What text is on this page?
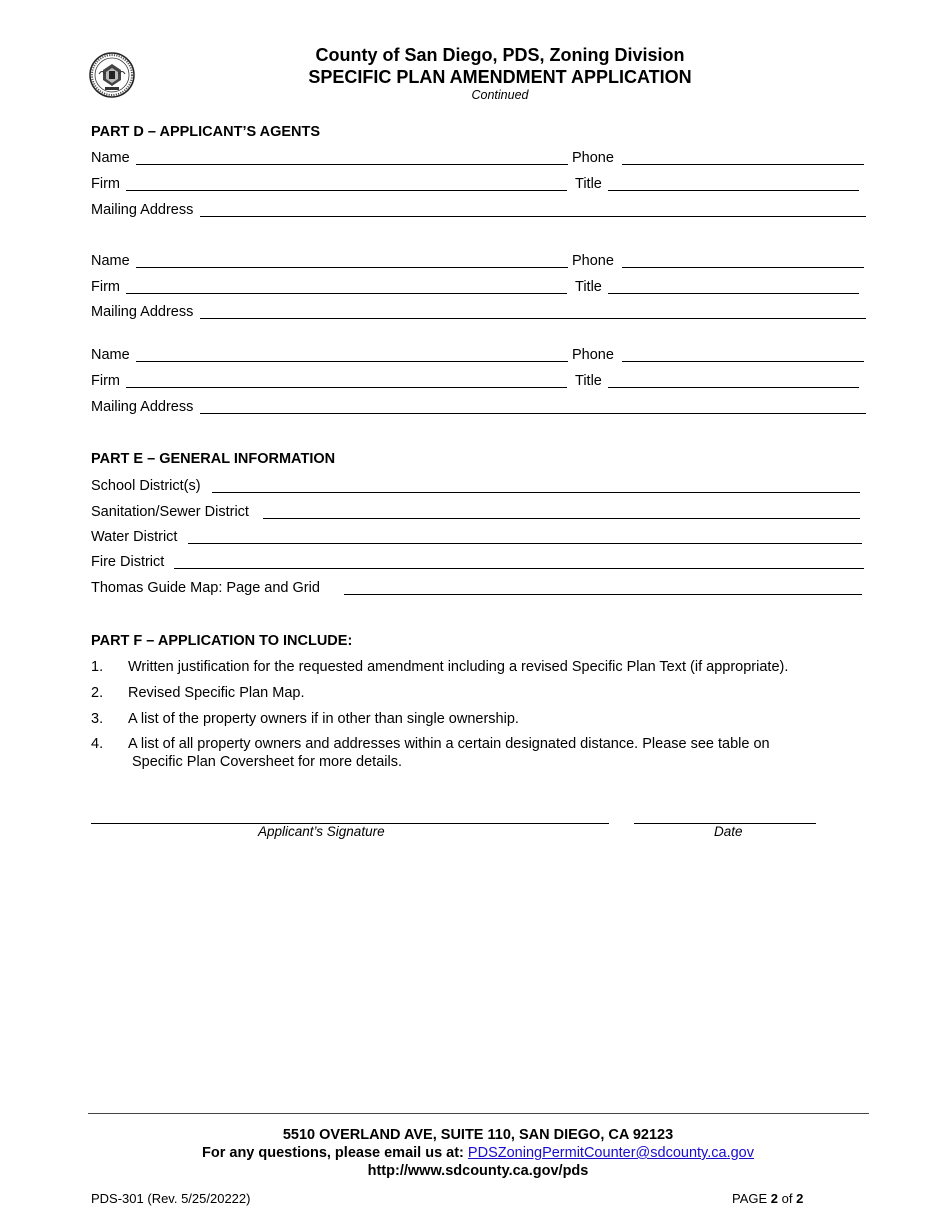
County of San Diego, PDS, Zoning Division
SPECIFIC PLAN AMENDMENT APPLICATION
Continued
PART D – APPLICANT’S AGENTS
Name	Phone
Firm	Title
Mailing Address
Name	Phone
Firm	Title
Mailing Address
Name	Phone
Firm	Title
Mailing Address
PART E – GENERAL INFORMATION
School District(s)
Sanitation/Sewer District
Water District
Fire District
Thomas Guide Map: Page and Grid
PART F – APPLICATION TO INCLUDE:
1. Written justification for the requested amendment including a revised Specific Plan Text (if appropriate).
2. Revised Specific Plan Map.
3. A list of the property owners if in other than single ownership.
4. A list of all property owners and addresses within a certain designated distance. Please see table on
Specific Plan Coversheet for more details.
Applicant’s Signature	Date
5510 OVERLAND AVE, SUITE 110, SAN DIEGO, CA 92123
For any questions, please email us at: PDSZoningPermitCounter@sdcounty.ca.gov
http://www.sdcounty.ca.gov/pds
PDS-301 (Rev. 5/25/20222)	PAGE 2 of 2
